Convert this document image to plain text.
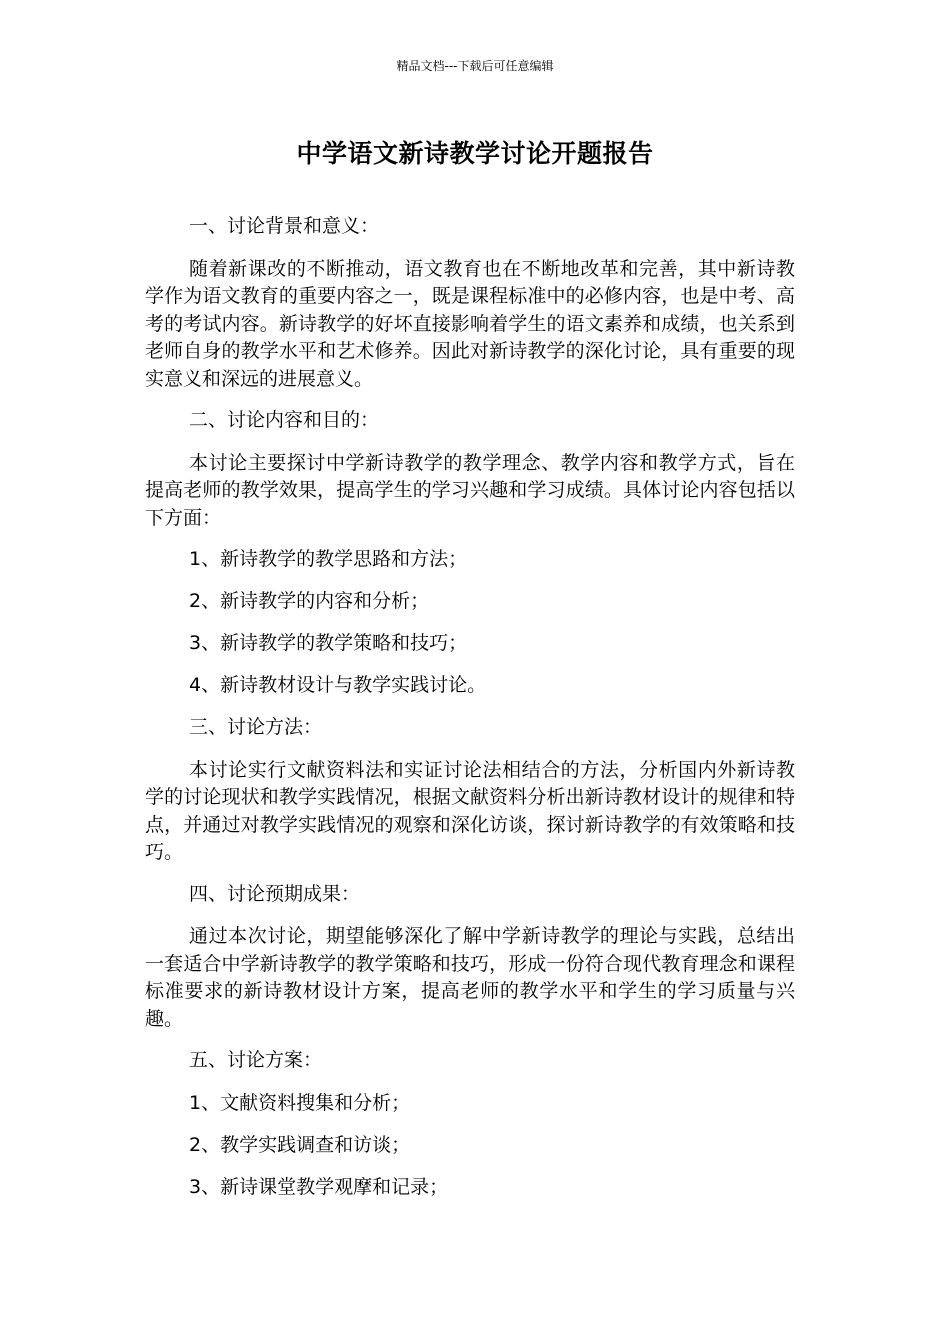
精品文档---下载后可任意编辑
中学语文新诗教学讨论开题报告

一、讨论背景和意义：

随着新课改的不断推动，语文教育也在不断地改革和完善，其中新诗教学作为语文教育的重要内容之一，既是课程标准中的必修内容，也是中考、高考的考试内容。新诗教学的好坏直接影响着学生的语文素养和成绩，也关系到老师自身的教学水平和艺术修养。因此对新诗教学的深化讨论，具有重要的现实意义和深远的进展意义。

二、讨论内容和目的：

本讨论主要探讨中学新诗教学的教学理念、教学内容和教学方式，旨在提高老师的教学效果，提高学生的学习兴趣和学习成绩。具体讨论内容包括以下方面：

1、新诗教学的教学思路和方法；

2、新诗教学的内容和分析；

3、新诗教学的教学策略和技巧；

4、新诗教材设计与教学实践讨论。

三、讨论方法：

本讨论实行文献资料法和实证讨论法相结合的方法，分析国内外新诗教学的讨论现状和教学实践情况，根据文献资料分析出新诗教材设计的规律和特点，并通过对教学实践情况的观察和深化访谈，探讨新诗教学的有效策略和技巧。

四、讨论预期成果：

通过本次讨论，期望能够深化了解中学新诗教学的理论与实践，总结出一套适合中学新诗教学的教学策略和技巧，形成一份符合现代教育理念和课程标准要求的新诗教材设计方案，提高老师的教学水平和学生的学习质量与兴趣。

五、讨论方案：

1、文献资料搜集和分析；

2、教学实践调查和访谈；

3、新诗课堂教学观摩和记录；
